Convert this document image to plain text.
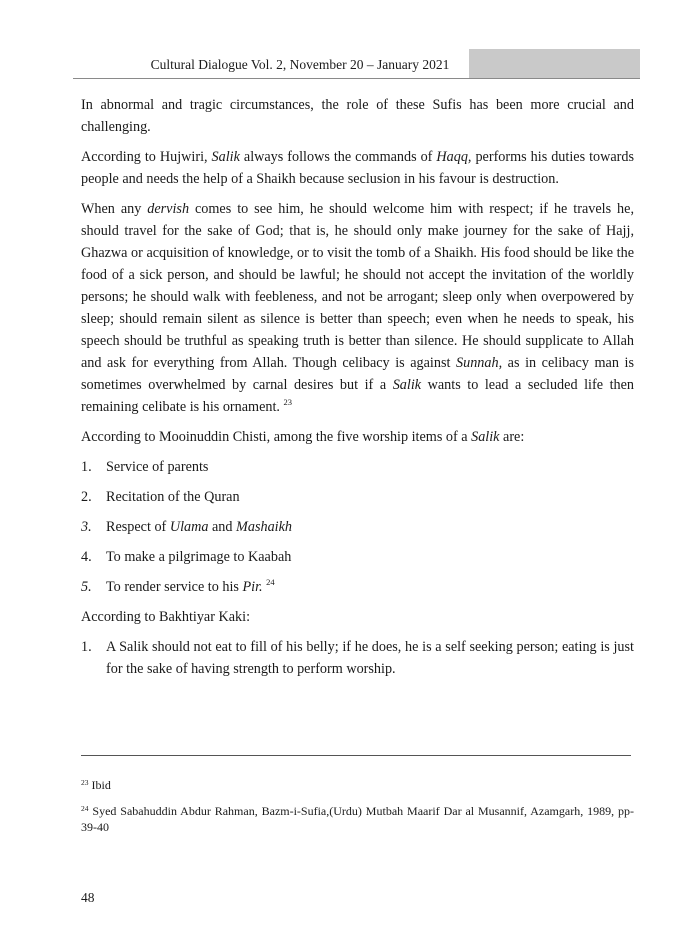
Cultural Dialogue Vol. 2, November 20 – January 2021

In abnormal and tragic circumstances, the role of these Sufis has been more crucial and challenging.

According to Hujwiri, Salik always follows the commands of Haqq, performs his duties towards people and needs the help of a Shaikh because seclusion in his favour is destruction.

When any dervish comes to see him, he should welcome him with respect; if he travels he, should travel for the sake of God; that is, he should only make journey for the sake of Hajj, Ghazwa or acquisition of knowledge, or to visit the tomb of a Shaikh. His food should be like the food of a sick person, and should be lawful; he should not accept the invitation of the worldly persons; he should walk with feebleness, and not be arrogant; sleep only when overpowered by sleep; should remain silent as silence is better than speech; even when he needs to speak, his speech should be truthful as speaking truth is better than silence. He should supplicate to Allah and ask for everything from Allah. Though celibacy is against Sunnah, as in celibacy man is sometimes overwhelmed by carnal desires but if a Salik wants to lead a secluded life then remaining celibate is his ornament. $^{23}$

According to Mooinuddin Chisti, among the five worship items of a Salik are:

1. Service of parents
2. Recitation of the Quran
3. Respect of Ulama and Mashaikh
4. To make a pilgrimage to Kaabah
5. To render service to his Pir. $^{24}$

According to Bakhtiyar Kaki:

1. A Salik should not eat to fill of his belly; if he does, he is a self seeking person; eating is just for the sake of having strength to perform worship.

$^{23}$ Ibid

$^{24}$ Syed Sabahuddin Abdur Rahman, Bazm-i-Sufia,(Urdu) Mutbah Maarif Dar al Musannif, Azamgarh, 1989, pp-39-40

48
